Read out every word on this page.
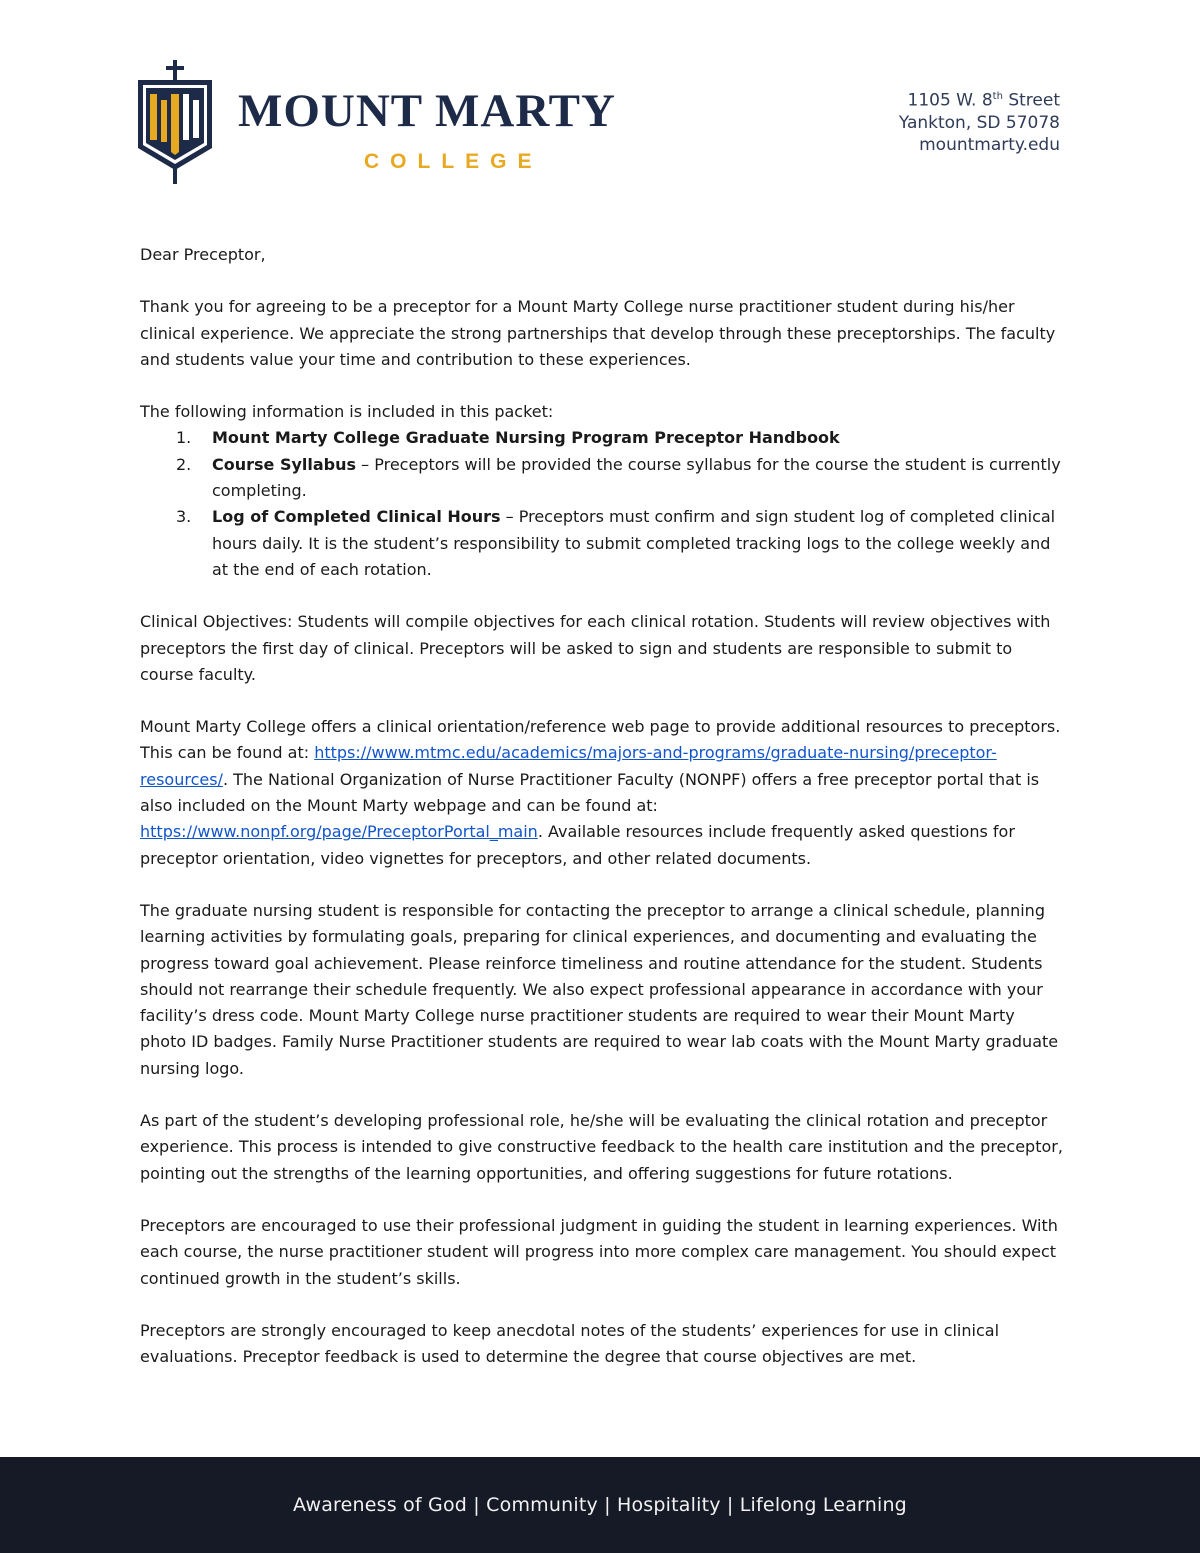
MOUNT MARTY
COLLEGE
1105 W. 8th Street
Yankton, SD 57078
mountmarty.edu

Dear Preceptor,

Thank you for agreeing to be a preceptor for a Mount Marty College nurse practitioner student during his/her clinical experience. We appreciate the strong partnerships that develop through these preceptorships. The faculty and students value your time and contribution to these experiences.

The following information is included in this packet:

1. Mount Marty College Graduate Nursing Program Preceptor Handbook
2. Course Syllabus – Preceptors will be provided the course syllabus for the course the student is currently completing.
3. Log of Completed Clinical Hours – Preceptors must confirm and sign student log of completed clinical hours daily. It is the student’s responsibility to submit completed tracking logs to the college weekly and at the end of each rotation.

Clinical Objectives: Students will compile objectives for each clinical rotation. Students will review objectives with preceptors the first day of clinical. Preceptors will be asked to sign and students are responsible to submit to course faculty.

Mount Marty College offers a clinical orientation/reference web page to provide additional resources to preceptors. This can be found at: https://www.mtmc.edu/academics/majors-and-programs/graduate-nursing/preceptor-resources/. The National Organization of Nurse Practitioner Faculty (NONPF) offers a free preceptor portal that is also included on the Mount Marty webpage and can be found at: https://www.nonpf.org/page/PreceptorPortal_main. Available resources include frequently asked questions for preceptor orientation, video vignettes for preceptors, and other related documents.

The graduate nursing student is responsible for contacting the preceptor to arrange a clinical schedule, planning learning activities by formulating goals, preparing for clinical experiences, and documenting and evaluating the progress toward goal achievement. Please reinforce timeliness and routine attendance for the student. Students should not rearrange their schedule frequently. We also expect professional appearance in accordance with your facility’s dress code. Mount Marty College nurse practitioner students are required to wear their Mount Marty photo ID badges. Family Nurse Practitioner students are required to wear lab coats with the Mount Marty graduate nursing logo.

As part of the student’s developing professional role, he/she will be evaluating the clinical rotation and preceptor experience. This process is intended to give constructive feedback to the health care institution and the preceptor, pointing out the strengths of the learning opportunities, and offering suggestions for future rotations.

Preceptors are encouraged to use their professional judgment in guiding the student in learning experiences. With each course, the nurse practitioner student will progress into more complex care management. You should expect continued growth in the student’s skills.

Preceptors are strongly encouraged to keep anecdotal notes of the students’ experiences for use in clinical evaluations. Preceptor feedback is used to determine the degree that course objectives are met.

Awareness of God | Community | Hospitality | Lifelong Learning
